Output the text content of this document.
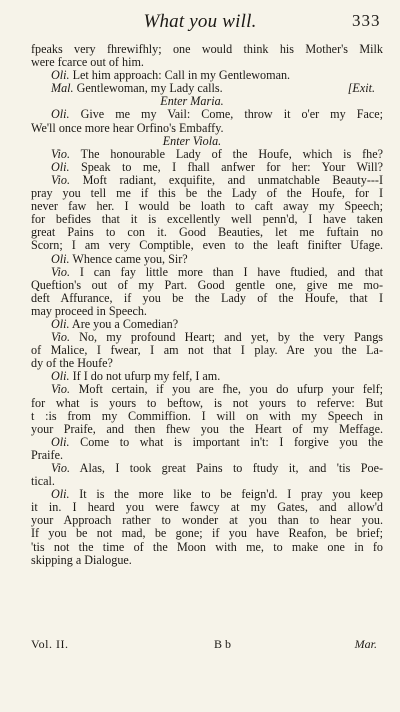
What you will.	333
fpeaks very fhrewifhly; one would think his Mother's Milk
were fcarce out of him.
Oli. Let him approach: Call in my Gentlewoman.
Mal. Gentlewoman, my Lady calls.	[Exit.
Enter Maria.
Oli. Give me my Vail: Come, throw it o'er my Face;
We'll once more hear Orfino's Embaffy.
Enter Viola.
Vio. The honourable Lady of the Houfe, which is fhe?
Oli. Speak to me, I fhall anfwer for her: Your Will?
Vio. Moft radiant, exquifite, and unmatchable Beauty---I
pray you tell me if this be the Lady of the Houfe, for I
never faw her. I would be loath to caft away my Speech;
for befides that it is excellently well penn'd, I have taken
great Pains to con it. Good Beauties, let me fuftain no
Scorn; I am very Comptible, even to the leaft finifter Ufage.
Oli. Whence came you, Sir?
Vio. I can fay little more than I have ftudied, and that
Queftion's out of my Part. Good gentle one, give me mo-
deft Affurance, if you be the Lady of the Houfe, that I
may proceed in Speech.
Oli. Are you a Comedian?
Vio. No, my profound Heart; and yet, by the very Pangs
of Malice, I fwear, I am not that I play. Are you the La-
dy of the Houfe?
Oli. If I do not ufurp my felf, I am.
Vio. Moft certain, if you are fhe, you do ufurp your felf;
for what is yours to beftow, is not yours to referve: But
t :is from my Commiffion. I will on with my Speech in
your Praife, and then fhew you the Heart of my Meffage.
Oli. Come to what is important in't: I forgive you the
Praife.
Vio. Alas, I took great Pains to ftudy it, and 'tis Poe-
tical.
Oli. It is the more like to be feign'd. I pray you keep
it in. I heard you were fawcy at my Gates, and allow'd
your Approach rather to wonder at you than to hear you.
If you be not mad, be gone; if you have Reafon, be brief;
'tis not the time of the Moon with me, to make one in fo
skipping a Dialogue.
Vol. II.	B b	Mar.
